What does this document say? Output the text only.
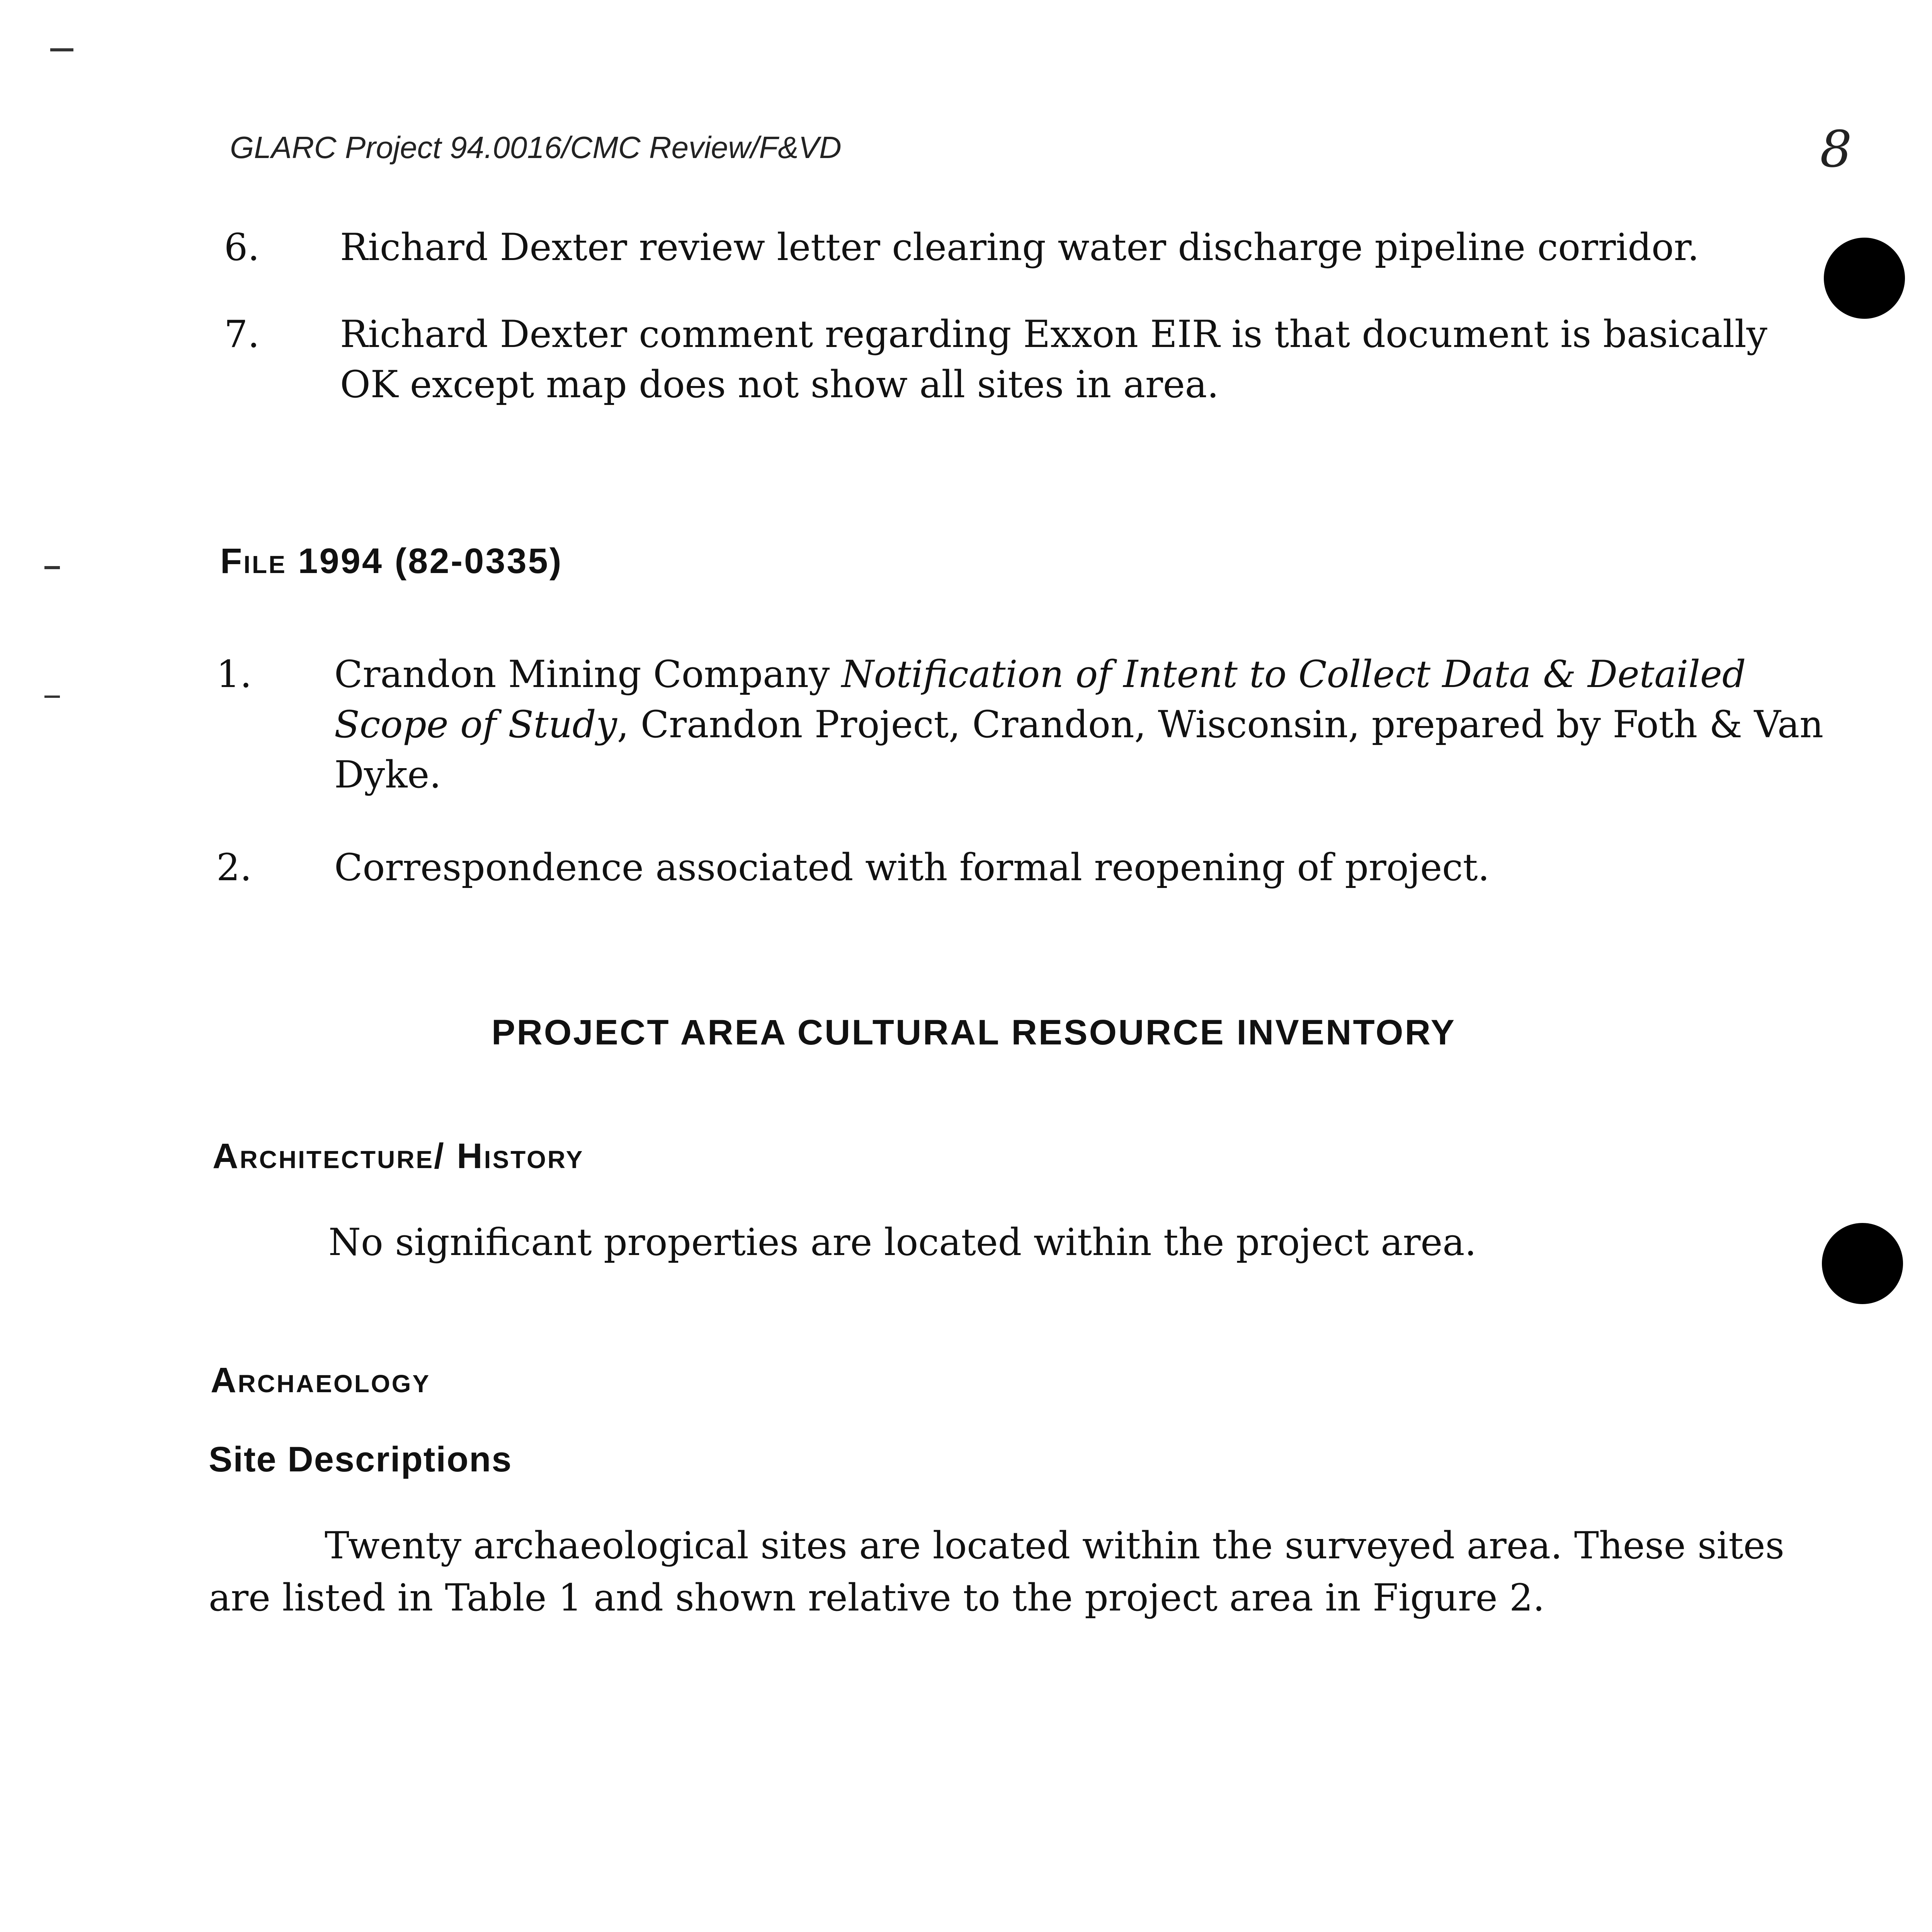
GLARC Project 94.0016/CMC Review/F&VD	8

6.	Richard Dexter review letter clearing water discharge pipeline corridor.

7.	Richard Dexter comment regarding Exxon EIR is that document is basically

OK except map does not show all sites in area.

File 1994 (82-0335)

1.	Crandon Mining Company Notification of Intent to Collect Data & Detailed

Scope of Study, Crandon Project, Crandon, Wisconsin, prepared by Foth & Van

Dyke.

2.	Correspondence associated with formal reopening of project.

PROJECT AREA CULTURAL RESOURCE INVENTORY

Architecture/ History

No significant properties are located within the project area.

Archaeology

Site Descriptions

Twenty archaeological sites are located within the surveyed area. These sites

are listed in Table 1 and shown relative to the project area in Figure 2.
